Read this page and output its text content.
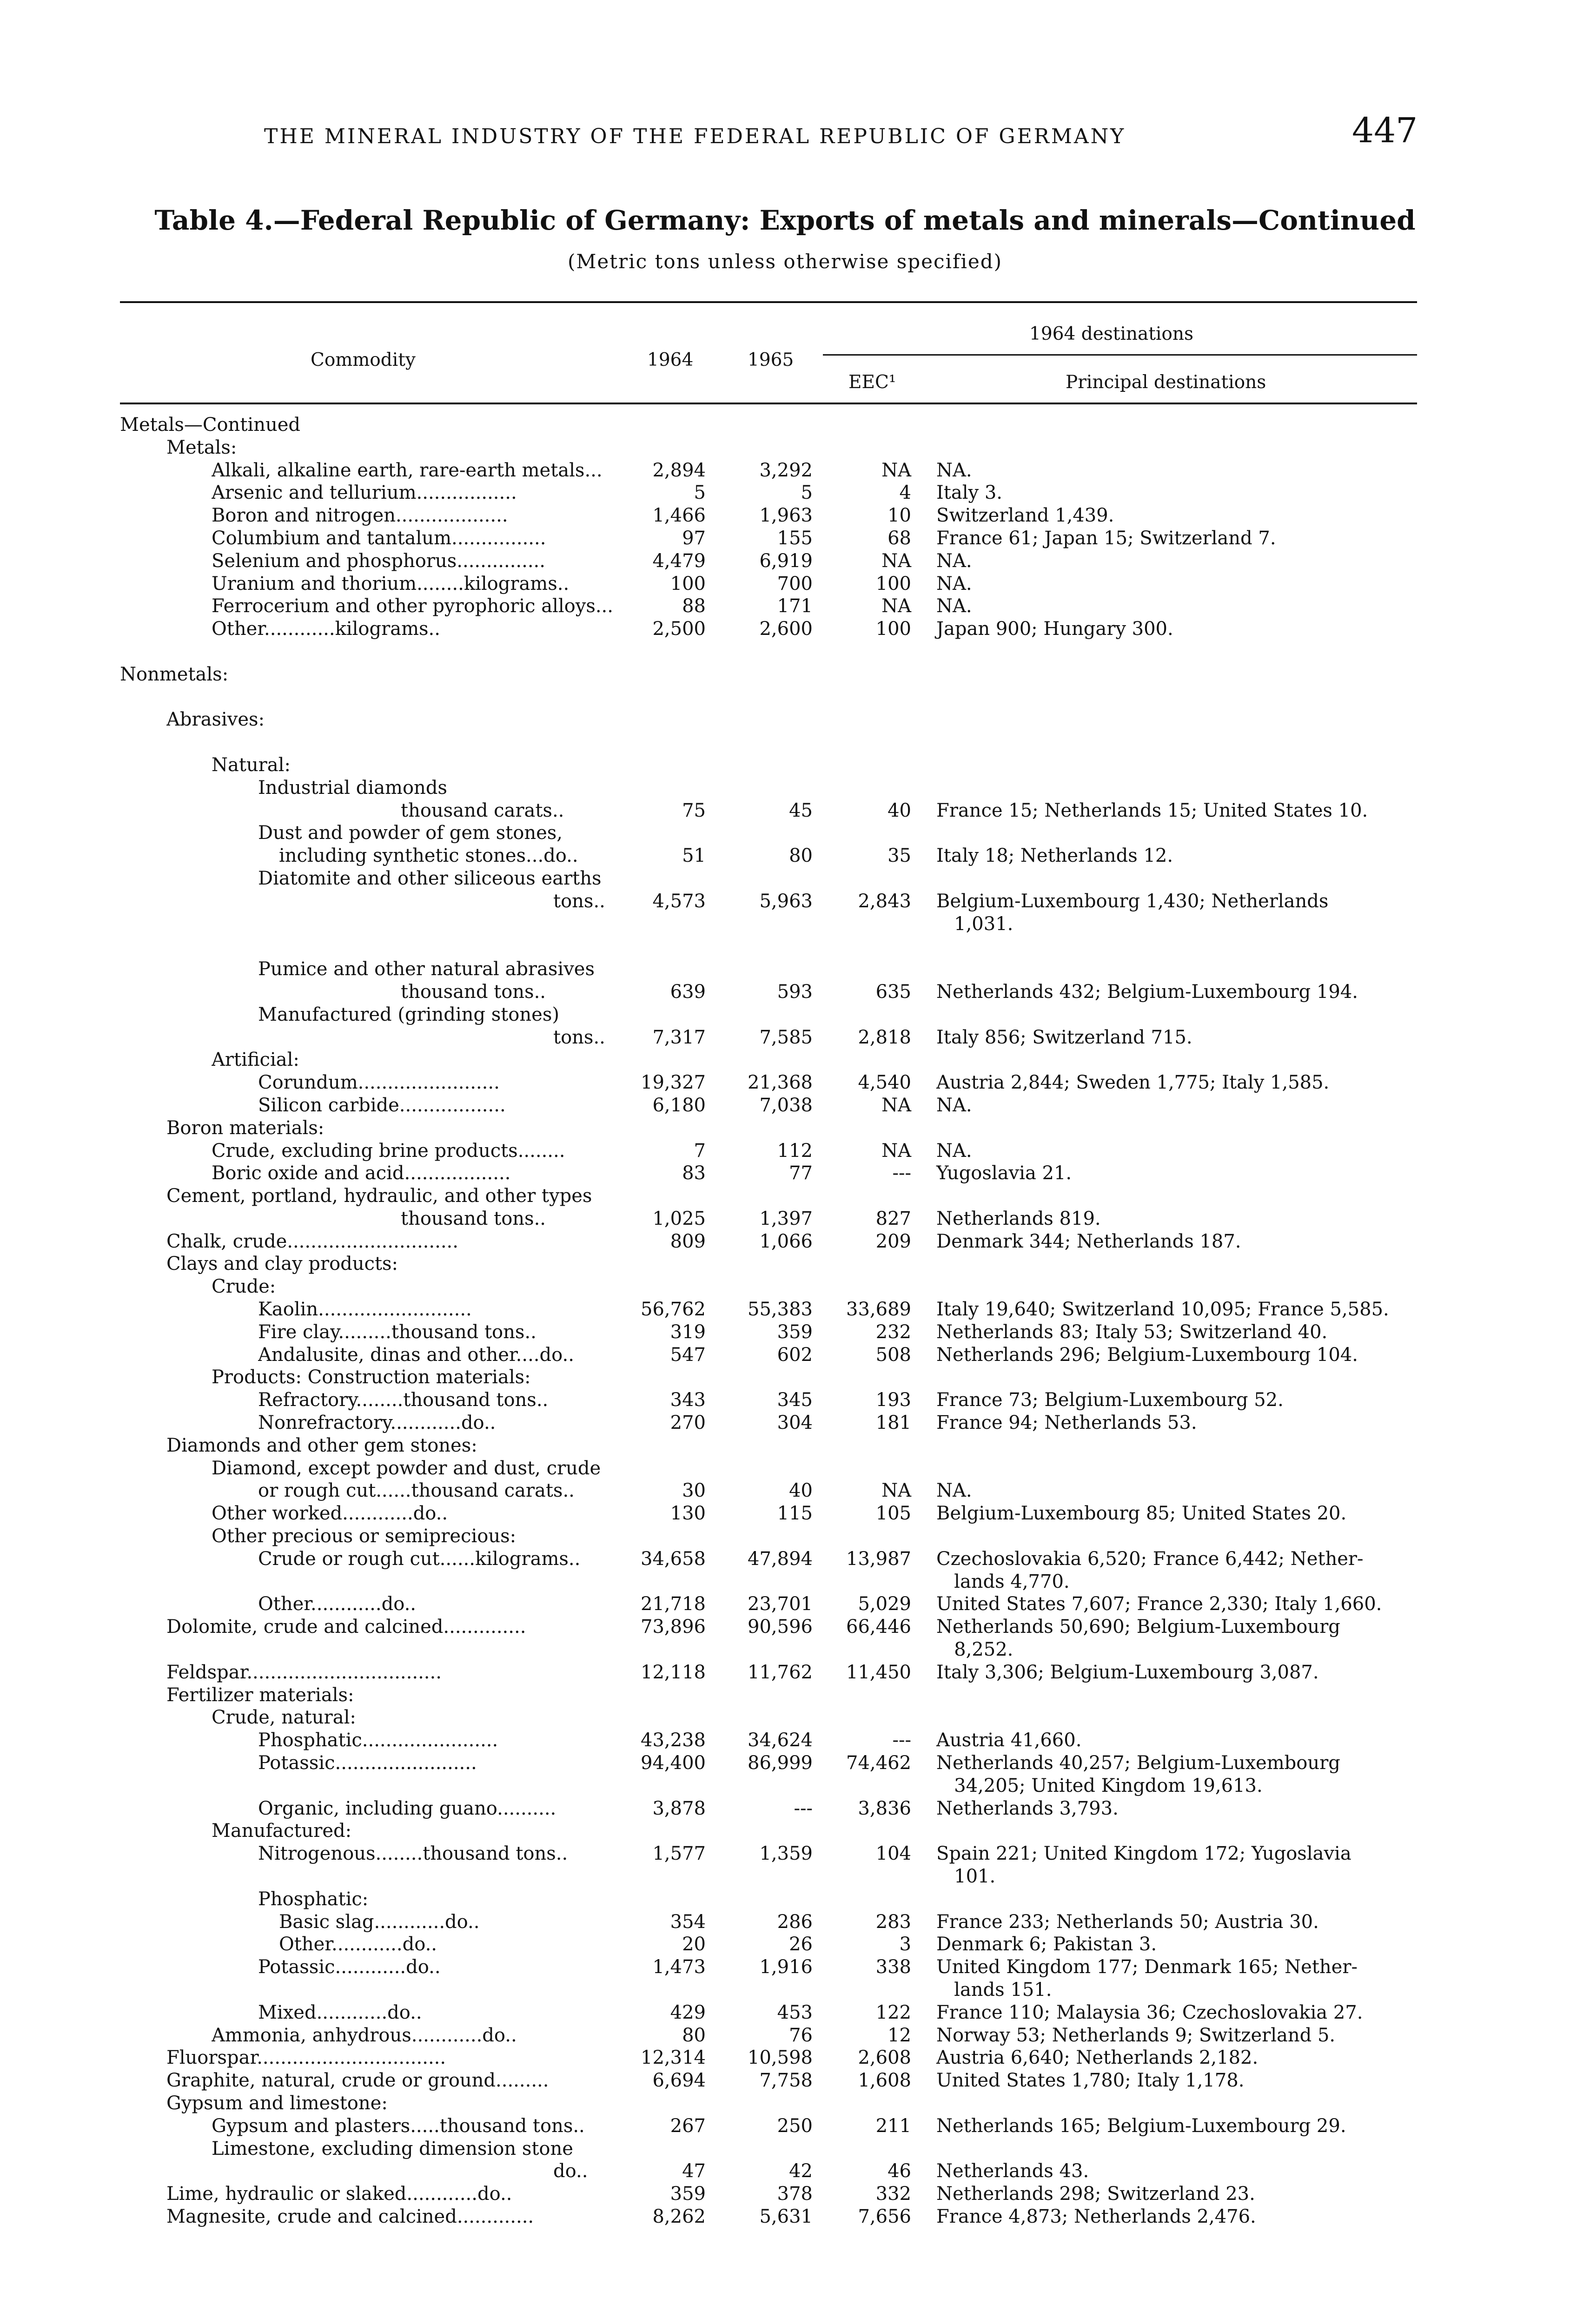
THE MINERAL INDUSTRY OF THE FEDERAL REPUBLIC OF GERMANY	447
Table 4.—Federal Republic of Germany: Exports of metals and minerals—Continued
(Metric tons unless otherwise specified)
Commodity	1964	1965
1964 destinations
EEC¹	Principal destinations
Metals—Continued
Metals:
Alkali, alkaline earth, rare-earth metals...	2,894	3,292	NA NA.
Arsenic and tellurium.................	5	5	4 Italy 3.
Boron and nitrogen...................	1,466	1,963	10 Switzerland 1,439.
Columbium and tantalum................	97	155	68 France 61; Japan 15; Switzerland 7.
Selenium and phosphorus...............	4,479	6,919	NA NA.
Uranium and thorium........kilograms..	100	700	100 NA.
Ferrocerium and other pyrophoric alloys...	88	171	NA NA.
Other............kilograms..	2,500	2,600	100 Japan 900; Hungary 300.
Nonmetals:
Abrasives:
Natural:
Industrial diamonds
thousand carats..	75	45	40 France 15; Netherlands 15; United States 10.
Dust and powder of gem stones,
including synthetic stones...do..	51	80	35 Italy 18; Netherlands 12.
Diatomite and other siliceous earths
tons..	4,573	5,963	2,843 Belgium-Luxembourg 1,430; Netherlands
1,031.
Pumice and other natural abrasives
thousand tons..	639	593	635 Netherlands 432; Belgium-Luxembourg 194.
Manufactured (grinding stones)
tons..	7,317	7,585	2,818 Italy 856; Switzerland 715.
Artificial:
Corundum........................	19,327	21,368	4,540 Austria 2,844; Sweden 1,775; Italy 1,585.
Silicon carbide..................	6,180	7,038	NA NA.
Boron materials:
Crude, excluding brine products........	7	112	NA NA.
Boric oxide and acid..................	83	77	--- Yugoslavia 21.
Cement, portland, hydraulic, and other types
thousand tons..	1,025	1,397	827 Netherlands 819.
Chalk, crude.............................	809	1,066	209 Denmark 344; Netherlands 187.
Clays and clay products:
Crude:
Kaolin..........................	56,762	55,383	33,689 Italy 19,640; Switzerland 10,095; France 5,585.
Fire clay.........thousand tons..	319	359	232 Netherlands 83; Italy 53; Switzerland 40.
Andalusite, dinas and other....do..	547	602	508 Netherlands 296; Belgium-Luxembourg 104.
Products: Construction materials:
Refractory........thousand tons..	343	345	193 France 73; Belgium-Luxembourg 52.
Nonrefractory............do..	270	304	181 France 94; Netherlands 53.
Diamonds and other gem stones:
Diamond, except powder and dust, crude
or rough cut......thousand carats..	30	40	NA NA.
Other worked............do..	130	115	105 Belgium-Luxembourg 85; United States 20.
Other precious or semiprecious:
Crude or rough cut......kilograms..	34,658	47,894	13,987 Czechoslovakia 6,520; France 6,442; Nether-
lands 4,770.
Other............do..	21,718	23,701	5,029 United States 7,607; France 2,330; Italy 1,660.
Dolomite, crude and calcined..............	73,896	90,596	66,446 Netherlands 50,690; Belgium-Luxembourg
8,252.
Feldspar.................................	12,118	11,762	11,450 Italy 3,306; Belgium-Luxembourg 3,087.
Fertilizer materials:
Crude, natural:
Phosphatic.......................	43,238	34,624	--- Austria 41,660.
Potassic........................	94,400	86,999	74,462 Netherlands 40,257; Belgium-Luxembourg
34,205; United Kingdom 19,613.
Organic, including guano..........	3,878	---	3,836 Netherlands 3,793.
Manufactured:
Nitrogenous........thousand tons..	1,577	1,359	104 Spain 221; United Kingdom 172; Yugoslavia
101.
Phosphatic:
Basic slag............do..	354	286	283 France 233; Netherlands 50; Austria 30.
Other............do..	20	26	3 Denmark 6; Pakistan 3.
Potassic............do..	1,473	1,916	338 United Kingdom 177; Denmark 165; Nether-
lands 151.
Mixed............do..	429	453	122 France 110; Malaysia 36; Czechoslovakia 27.
Ammonia, anhydrous............do..	80	76	12 Norway 53; Netherlands 9; Switzerland 5.
Fluorspar................................	12,314	10,598	2,608 Austria 6,640; Netherlands 2,182.
Graphite, natural, crude or ground.........	6,694	7,758	1,608 United States 1,780; Italy 1,178.
Gypsum and limestone:
Gypsum and plasters.....thousand tons..	267	250	211 Netherlands 165; Belgium-Luxembourg 29.
Limestone, excluding dimension stone
do..	47	42	46 Netherlands 43.
Lime, hydraulic or slaked............do..	359	378	332 Netherlands 298; Switzerland 23.
Magnesite, crude and calcined.............	8,262	5,631	7,656 France 4,873; Netherlands 2,476.
